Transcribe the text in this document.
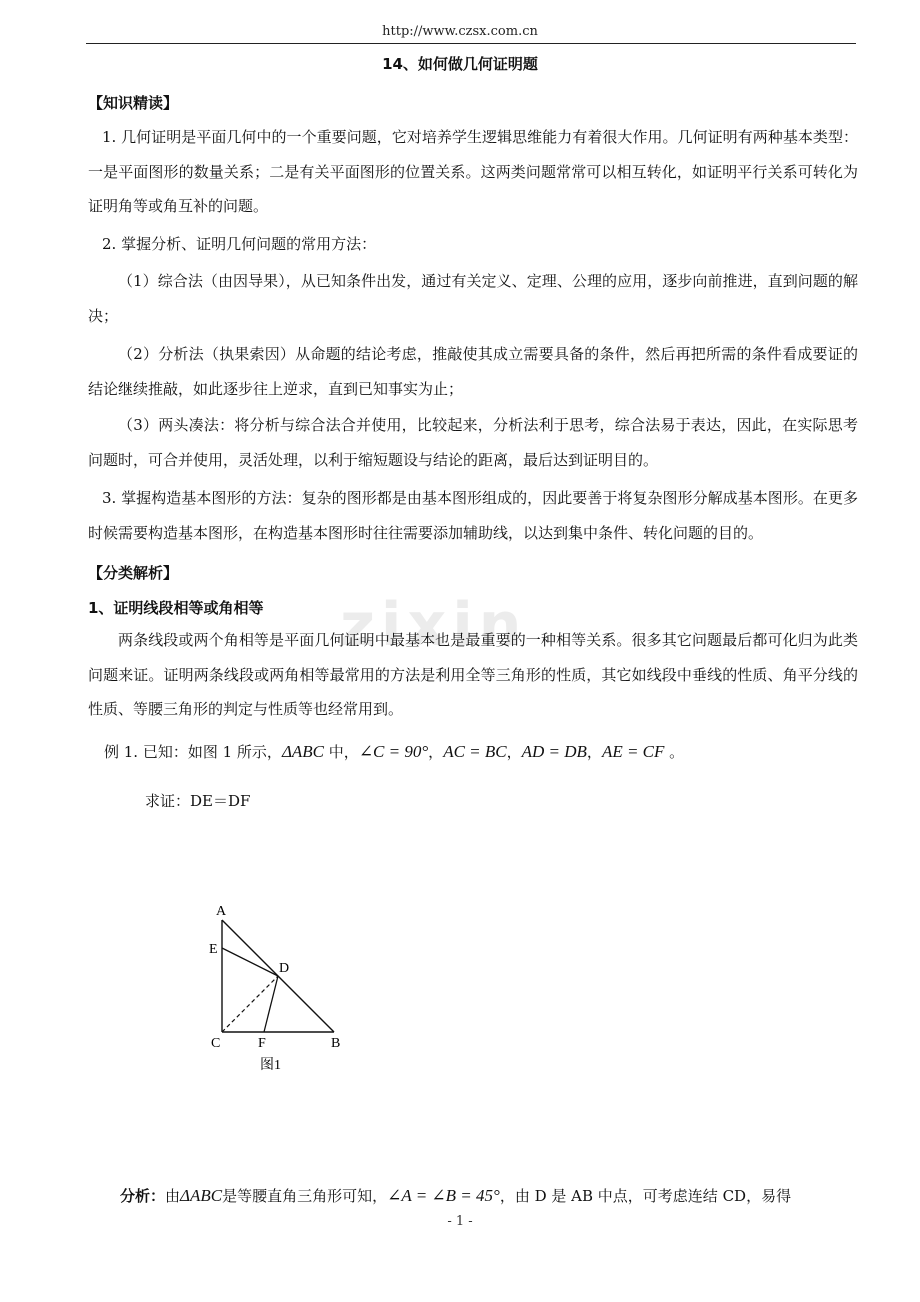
http://www.czsx.com.cn
zixin
14、如何做几何证明题
【知识精读】
1. 几何证明是平面几何中的一个重要问题，它对培养学生逻辑思维能力有着很大作用。几何证明有两种基本类型：一是平面图形的数量关系；二是有关平面图形的位置关系。这两类问题常常可以相互转化，如证明平行关系可转化为证明角等或角互补的问题。
2. 掌握分析、证明几何问题的常用方法：
（1）综合法（由因导果），从已知条件出发，通过有关定义、定理、公理的应用，逐步向前推进，直到问题的解决；
（2）分析法（执果索因）从命题的结论考虑，推敲使其成立需要具备的条件，然后再把所需的条件看成要证的结论继续推敲，如此逐步往上逆求，直到已知事实为止；
（3）两头凑法：将分析与综合法合并使用，比较起来，分析法利于思考，综合法易于表达，因此，在实际思考问题时，可合并使用，灵活处理，以利于缩短题设与结论的距离，最后达到证明目的。
3. 掌握构造基本图形的方法：复杂的图形都是由基本图形组成的，因此要善于将复杂图形分解成基本图形。在更多时候需要构造基本图形，在构造基本图形时往往需要添加辅助线，以达到集中条件、转化问题的目的。
【分类解析】
1、证明线段相等或角相等
两条线段或两个角相等是平面几何证明中最基本也是最重要的一种相等关系。很多其它问题最后都可化归为此类问题来证。证明两条线段或两角相等最常用的方法是利用全等三角形的性质，其它如线段中垂线的性质、角平分线的性质、等腰三角形的判定与性质等也经常用到。
例 1. 已知：如图 1 所示，ΔABC 中，∠C = 90°，AC = BC，AD = DB，AE = CF 。
求证：DE＝DF
A
E
D
C	F	B
图1
分析：由ΔABC是等腰直角三角形可知，∠A = ∠B = 45°，由 D 是 AB 中点，可考虑连结 CD，易得
- 1 -
